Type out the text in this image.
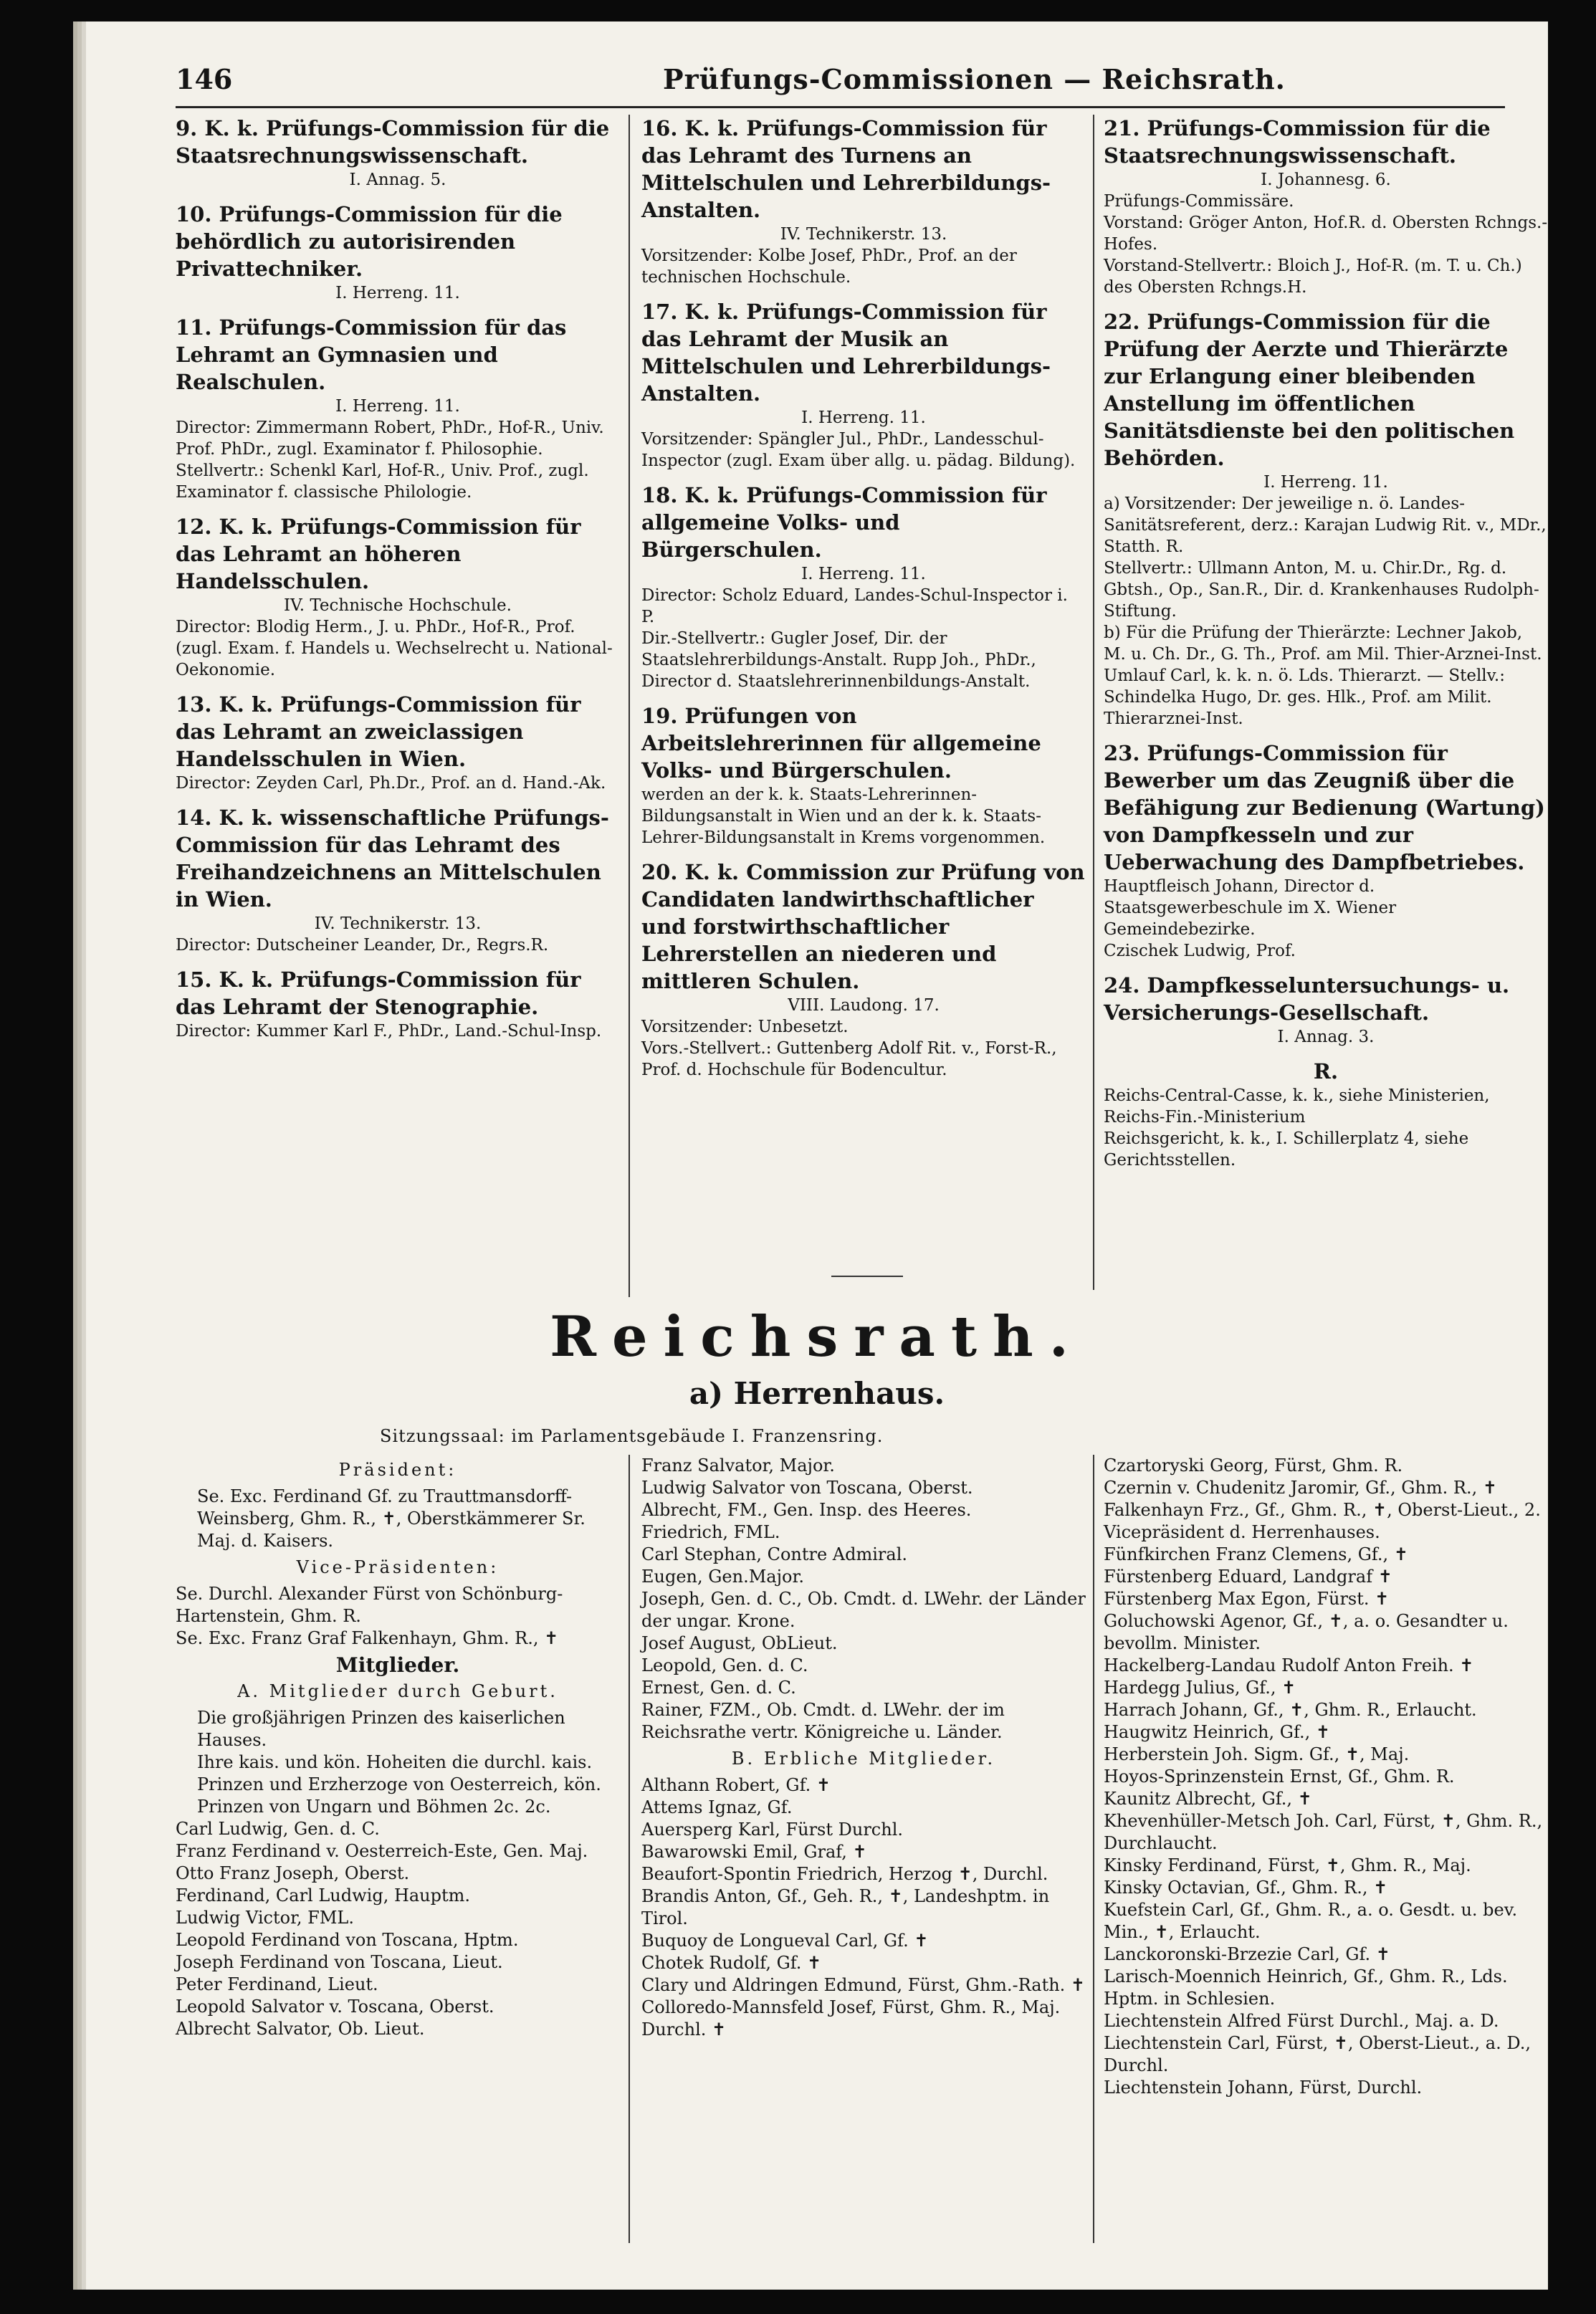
146	Prüfungs-Commissionen — Reichsrath.
9. K. k. Prüfungs-Commission für die Staatsrechnungswissenschaft.
I. Annag. 5.
10. Prüfungs-Commission für die behördlich zu autorisirenden Privattechniker.
I. Herreng. 11.
11. Prüfungs-Commission für das Lehramt an Gymnasien und Realschulen.
I. Herreng. 11.
Director: Zimmermann Robert, PhDr., Hof-R., Univ. Prof. PhDr., zugl. Examinator f. Philosophie.
Stellvertr.: Schenkl Karl, Hof-R., Univ. Prof., zugl. Examinator f. classische Philologie.
12. K. k. Prüfungs-Commission für das Lehramt an höheren Handelsschulen.
IV. Technische Hochschule.
Director: Blodig Herm., J. u. PhDr., Hof-R., Prof. (zugl. Exam. f. Handels u. Wechselrecht u. National-Oekonomie.
13. K. k. Prüfungs-Commission für das Lehramt an zweiclassigen Handelsschulen in Wien.
Director: Zeyden Carl, Ph.Dr., Prof. an d. Hand.-Ak.
14. K. k. wissenschaftliche Prüfungs-Commission für das Lehramt des Freihandzeichnens an Mittelschulen in Wien.
IV. Technikerstr. 13.
Director: Dutscheiner Leander, Dr., Regrs.R.
15. K. k. Prüfungs-Commission für das Lehramt der Stenographie.
Director: Kummer Karl F., PhDr., Land.-Schul-Insp.
16. K. k. Prüfungs-Commission für das Lehramt des Turnens an Mittelschulen und Lehrerbildungs-Anstalten.
IV. Technikerstr. 13.
Vorsitzender: Kolbe Josef, PhDr., Prof. an der technischen Hochschule.
17. K. k. Prüfungs-Commission für das Lehramt der Musik an Mittelschulen und Lehrerbildungs-Anstalten.
I. Herreng. 11.
Vorsitzender: Spängler Jul., PhDr., Landesschul-Inspector (zugl. Exam über allg. u. pädag. Bildung).
18. K. k. Prüfungs-Commission für allgemeine Volks- und Bürgerschulen.
I. Herreng. 11.
Director: Scholz Eduard, Landes-Schul-Inspector i. P.
Dir.-Stellvertr.: Gugler Josef, Dir. der Staatslehrerbildungs-Anstalt. Rupp Joh., PhDr., Director d. Staatslehrerinnenbildungs-Anstalt.
19. Prüfungen von Arbeitslehrerinnen für allgemeine Volks- und Bürgerschulen.
werden an der k. k. Staats-Lehrerinnen-Bildungsanstalt in Wien und an der k. k. Staats-Lehrer-Bildungsanstalt in Krems vorgenommen.
20. K. k. Commission zur Prüfung von Candidaten landwirthschaftlicher und forstwirthschaftlicher Lehrerstellen an niederen und mittleren Schulen.
VIII. Laudong. 17.
Vorsitzender: Unbesetzt.
Vors.-Stellvert.: Guttenberg Adolf Rit. v., Forst-R., Prof. d. Hochschule für Bodencultur.
21. Prüfungs-Commission für die Staatsrechnungswissenschaft.
I. Johannesg. 6.
Prüfungs-Commissäre.
Vorstand: Gröger Anton, Hof.R. d. Obersten Rchngs.-Hofes.
Vorstand-Stellvertr.: Bloich J., Hof-R. (m. T. u. Ch.) des Obersten Rchngs.H.
22. Prüfungs-Commission für die Prüfung der Aerzte und Thierärzte zur Erlangung einer bleibenden Anstellung im öffentlichen Sanitätsdienste bei den politischen Behörden.
I. Herreng. 11.
a) Vorsitzender: Der jeweilige n. ö. Landes-Sanitätsreferent, derz.: Karajan Ludwig Rit. v., MDr., Statth. R.
Stellvertr.: Ullmann Anton, M. u. Chir.Dr., Rg. d. Gbtsh., Op., San.R., Dir. d. Krankenhauses Rudolph-Stiftung.
b) Für die Prüfung der Thierärzte: Lechner Jakob, M. u. Ch. Dr., G. Th., Prof. am Mil. Thier-Arznei-Inst.
Umlauf Carl, k. k. n. ö. Lds. Thierarzt. — Stellv.: Schindelka Hugo, Dr. ges. Hlk., Prof. am Milit. Thierarznei-Inst.
23. Prüfungs-Commission für Bewerber um das Zeugniß über die Befähigung zur Bedienung (Wartung) von Dampfkesseln und zur Ueberwachung des Dampfbetriebes.
Hauptfleisch Johann, Director d. Staatsgewerbeschule im X. Wiener Gemeindebezirke.
Czischek Ludwig, Prof.
24. Dampfkesseluntersuchungs- u. Versicherungs-Gesellschaft.
I. Annag. 3.
R.
Reichs-Central-Casse, k. k., siehe Ministerien, Reichs-Fin.-Ministerium
Reichsgericht, k. k., I. Schillerplatz 4, siehe Gerichtsstellen.
Reichsrath.
a) Herrenhaus.
Sitzungssaal: im Parlamentsgebäude I. Franzensring.
Präsident:
Se. Exc. Ferdinand Gf. zu Trauttmansdorff-Weinsberg, Ghm. R., ✝, Oberstkämmerer Sr. Maj. d. Kaisers.
Vice-Präsidenten:
Se. Durchl. Alexander Fürst von Schönburg-Hartenstein, Ghm. R.
Se. Exc. Franz Graf Falkenhayn, Ghm. R., ✝
Mitglieder.
A. Mitglieder durch Geburt.
Die großjährigen Prinzen des kaiserlichen Hauses.
Ihre kais. und kön. Hoheiten die durchl. kais. Prinzen und Erzherzoge von Oesterreich, kön. Prinzen von Ungarn und Böhmen 2c. 2c.
Carl Ludwig, Gen. d. C.
Franz Ferdinand v. Oesterreich-Este, Gen. Maj.
Otto Franz Joseph, Oberst.
Ferdinand, Carl Ludwig, Hauptm.
Ludwig Victor, FML.
Leopold Ferdinand von Toscana, Hptm.
Joseph Ferdinand von Toscana, Lieut.
Peter Ferdinand, Lieut.
Leopold Salvator v. Toscana, Oberst.
Albrecht Salvator, Ob. Lieut.
Franz Salvator, Major.
Ludwig Salvator von Toscana, Oberst.
Albrecht, FM., Gen. Insp. des Heeres.
Friedrich, FML.
Carl Stephan, Contre Admiral.
Eugen, Gen.Major.
Joseph, Gen. d. C., Ob. Cmdt. d. LWehr. der Länder der ungar. Krone.
Josef August, ObLieut.
Leopold, Gen. d. C.
Ernest, Gen. d. C.
Rainer, FZM., Ob. Cmdt. d. LWehr. der im Reichsrathe vertr. Königreiche u. Länder.
B. Erbliche Mitglieder.
Althann Robert, Gf. ✝
Attems Ignaz, Gf.
Auersperg Karl, Fürst Durchl.
Bawarowski Emil, Graf, ✝
Beaufort-Spontin Friedrich, Herzog ✝, Durchl.
Brandis Anton, Gf., Geh. R., ✝, Landeshptm. in Tirol.
Buquoy de Longueval Carl, Gf. ✝
Chotek Rudolf, Gf. ✝
Clary und Aldringen Edmund, Fürst, Ghm.-Rath. ✝
Colloredo-Mannsfeld Josef, Fürst, Ghm. R., Maj. Durchl. ✝
Czartoryski Georg, Fürst, Ghm. R.
Czernin v. Chudenitz Jaromir, Gf., Ghm. R., ✝
Falkenhayn Frz., Gf., Ghm. R., ✝, Oberst-Lieut., 2. Vicepräsident d. Herrenhauses.
Fünfkirchen Franz Clemens, Gf., ✝
Fürstenberg Eduard, Landgraf ✝
Fürstenberg Max Egon, Fürst. ✝
Goluchowski Agenor, Gf., ✝, a. o. Gesandter u. bevollm. Minister.
Hackelberg-Landau Rudolf Anton Freih. ✝
Hardegg Julius, Gf., ✝
Harrach Johann, Gf., ✝, Ghm. R., Erlaucht.
Haugwitz Heinrich, Gf., ✝
Herberstein Joh. Sigm. Gf., ✝, Maj.
Hoyos-Sprinzenstein Ernst, Gf., Ghm. R.
Kaunitz Albrecht, Gf., ✝
Khevenhüller-Metsch Joh. Carl, Fürst, ✝, Ghm. R., Durchlaucht.
Kinsky Ferdinand, Fürst, ✝, Ghm. R., Maj.
Kinsky Octavian, Gf., Ghm. R., ✝
Kuefstein Carl, Gf., Ghm. R., a. o. Gesdt. u. bev. Min., ✝, Erlaucht.
Lanckoronski-Brzezie Carl, Gf. ✝
Larisch-Moennich Heinrich, Gf., Ghm. R., Lds. Hptm. in Schlesien.
Liechtenstein Alfred Fürst Durchl., Maj. a. D.
Liechtenstein Carl, Fürst, ✝, Oberst-Lieut., a. D., Durchl.
Liechtenstein Johann, Fürst, Durchl.
